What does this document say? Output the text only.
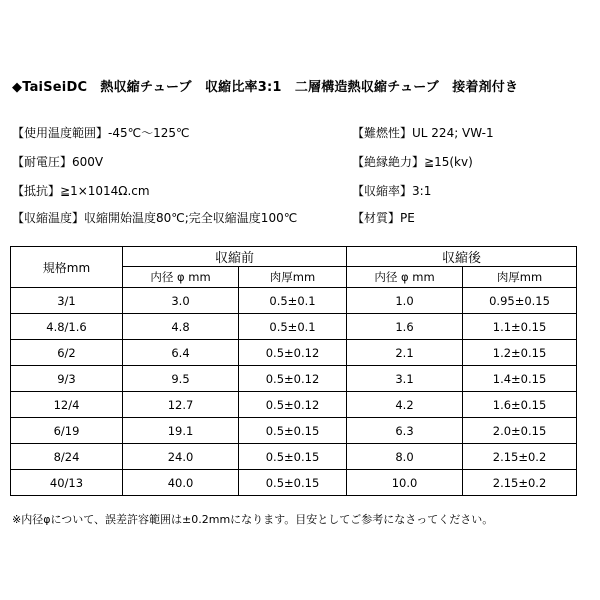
◆TaiSeiDC　熱収縮チューブ　収縮比率3:1　二層構造熱収縮チューブ　接着剤付き
【使用温度範囲】-45℃～125℃
【耐電圧】600V
【抵抗】≧1×1014Ω.cm
【収縮温度】収縮開始温度80℃;完全収縮温度100℃
【難燃性】UL 224; VW-1
【絶縁絶力】≧15(kv)
【収縮率】3:1
【材質】PE
規格mm	収縮前		収縮後	
	内径 φ mm	肉厚mm	内径 φ mm	肉厚mm
3/1	3.0	0.5±0.1	1.0	0.95±0.15
4.8/1.6	4.8	0.5±0.1	1.6	1.1±0.15
6/2	6.4	0.5±0.12	2.1	1.2±0.15
9/3	9.5	0.5±0.12	3.1	1.4±0.15
12/4	12.7	0.5±0.12	4.2	1.6±0.15
6/19	19.1	0.5±0.15	6.3	2.0±0.15
8/24	24.0	0.5±0.15	8.0	2.15±0.2
40/13	40.0	0.5±0.15	10.0	2.15±0.2
※内径φについて、誤差許容範囲は±0.2mmになります。目安としてご参考になさってください。
